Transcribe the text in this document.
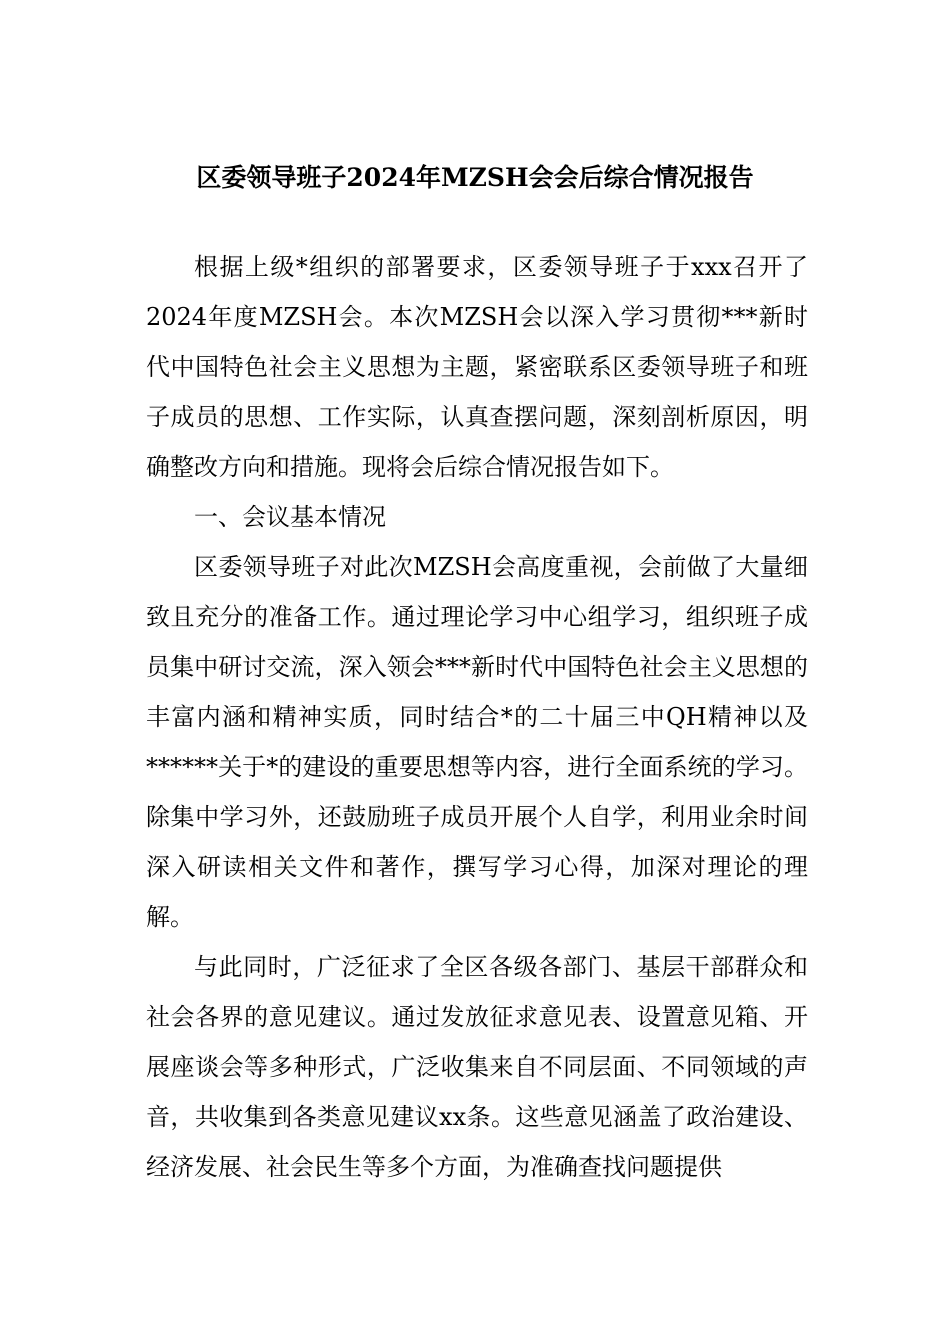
区委领导班子2024年MZSH会会后综合情况报告

根据上级*组织的部署要求，区委领导班子于xxx召开了2024年度MZSH会。本次MZSH会以深入学习贯彻***新时代中国特色社会主义思想为主题，紧密联系区委领导班子和班子成员的思想、工作实际，认真查摆问题，深刻剖析原因，明确整改方向和措施。现将会后综合情况报告如下。

一、会议基本情况

区委领导班子对此次MZSH会高度重视，会前做了大量细致且充分的准备工作。通过理论学习中心组学习，组织班子成员集中研讨交流，深入领会***新时代中国特色社会主义思想的丰富内涵和精神实质，同时结合*的二十届三中QH精神以及******关于*的建设的重要思想等内容，进行全面系统的学习。除集中学习外，还鼓励班子成员开展个人自学，利用业余时间深入研读相关文件和著作，撰写学习心得，加深对理论的理解。

与此同时，广泛征求了全区各级各部门、基层干部群众和社会各界的意见建议。通过发放征求意见表、设置意见箱、开展座谈会等多种形式，广泛收集来自不同层面、不同领域的声音，共收集到各类意见建议xx条。这些意见涵盖了政治建设、经济发展、社会民生等多个方面，为准确查找问题提供
